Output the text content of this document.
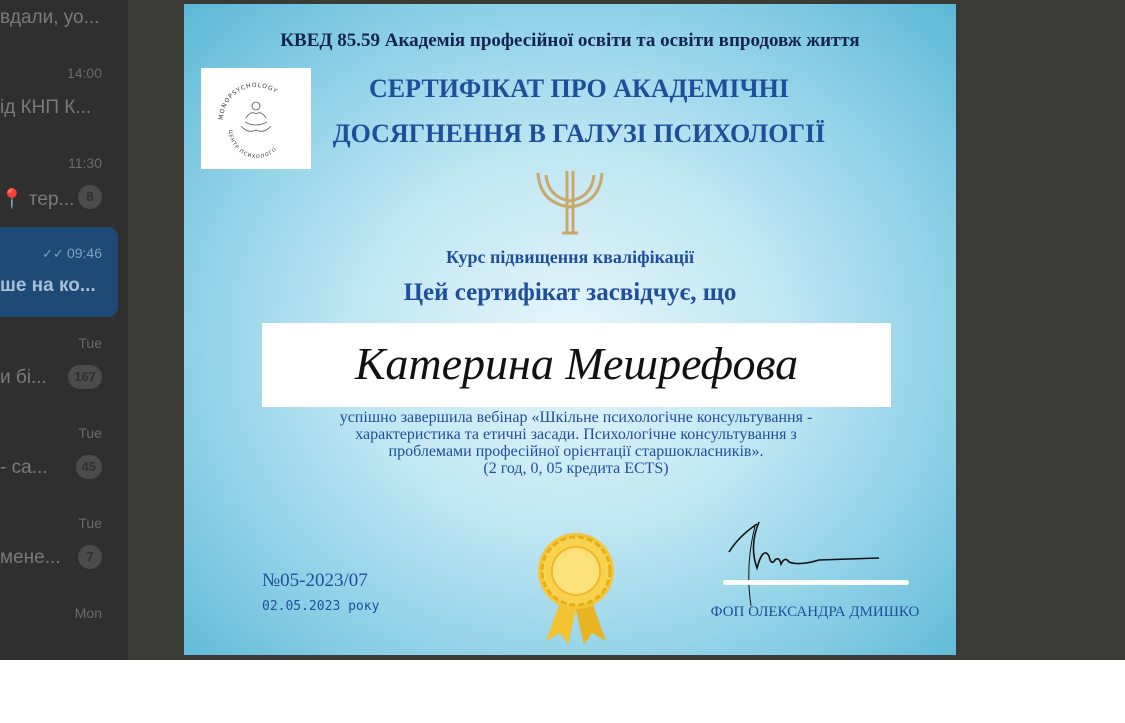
вдали, уо...
14:00
ід КНП К...
11:30
📍 тер... 8
✓✓ 09:46
ше на ко...
Tue
и бі...	167
Tue
- са...	45
Tue
мене...	7
Mon
КВЕД 85.59 Академія професійної освіти та освіти впродовж життя
MONOPSYCHOLOGY
ЦЕНТР ПСИХОЛОГІЇ
СЕРТИФІКАТ ПРО АКАДЕМІЧНІ
ДОСЯГНЕННЯ В ГАЛУЗІ ПСИХОЛОГІЇ
Курс підвищення кваліфікації
Цей сертифікат засвідчує, що
Катерина Мешрефова
успішно завершила вебінар «Шкільне психологічне консультування -
характеристика та етичні засади. Психологічне консультування з
проблемами професійної орієнтації старшокласників».
(2 год, 0, 05 кредита ECTS)
№05-2023/07
02.05.2023 року	ФОП ОЛЕКСАНДРА ДМИШКО
